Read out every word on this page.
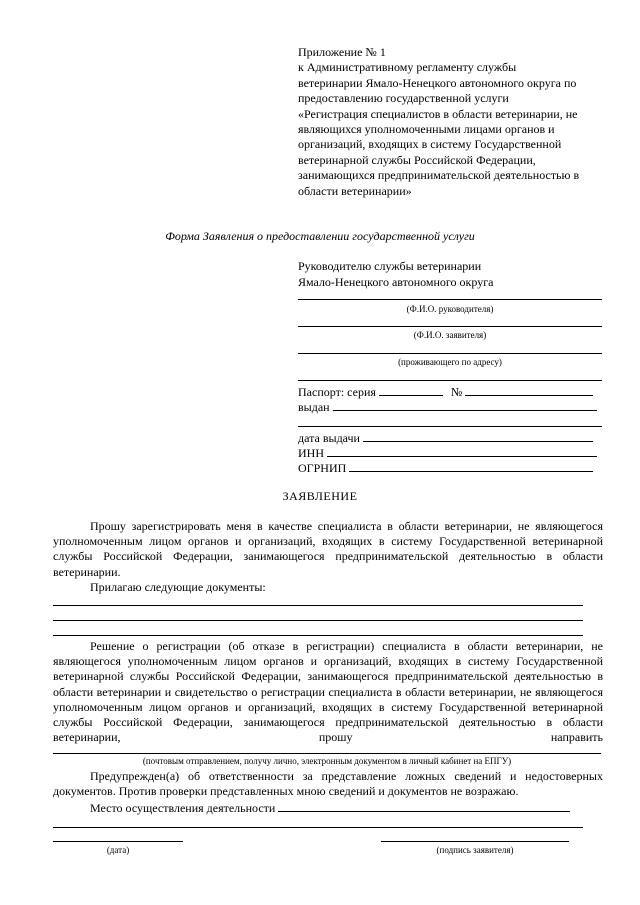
Приложение № 1
к Административному регламенту службы
ветеринарии Ямало-Ненецкого автономного округа по
предоставлению государственной услуги
«Регистрация специалистов в области ветеринарии, не
являющихся уполномоченными лицами органов и
организаций, входящих в систему Государственной
ветеринарной службы Российской Федерации,
занимающихся предпринимательской деятельностью в
области ветеринарии»
Форма Заявления о предоставлении государственной услуги
Руководителю службы ветеринарии
Ямало-Ненецкого автономного округа
(Ф.И.О. руководителя)
(Ф.И.О. заявителя)
(проживающего по адресу)
Паспорт: серия	№
выдан
дата выдачи
ИНН
ОГРНИП
ЗАЯВЛЕНИЕ
Прошу зарегистрировать меня в качестве специалиста в области ветеринарии, не являющегося уполномоченным лицом органов и организаций, входящих в систему Государственной ветеринарной службы Российской Федерации, занимающегося предпринимательской деятельностью в области ветеринарии.
Прилагаю следующие документы:
Решение о регистрации (об отказе в регистрации) специалиста в области ветеринарии, не являющегося уполномоченным лицом органов и организаций, входящих в систему Государственной ветеринарной службы Российской Федерации, занимающегося предпринимательской деятельностью в области ветеринарии и свидетельство о регистрации специалиста в области ветеринарии, не являющегося уполномоченным лицом органов и организаций, входящих в систему Государственной ветеринарной службы Российской Федерации, занимающегося предпринимательской деятельностью в области ветеринарии, прошу направить
(почтовым отправлением, получу лично, электронным документом в личный кабинет на ЕПГУ)
Предупрежден(а) об ответственности за представление ложных сведений и недостоверных документов. Против проверки представленных мною сведений и документов не возражаю.
Место осуществления деятельности
(дата)	(подпись заявителя)
